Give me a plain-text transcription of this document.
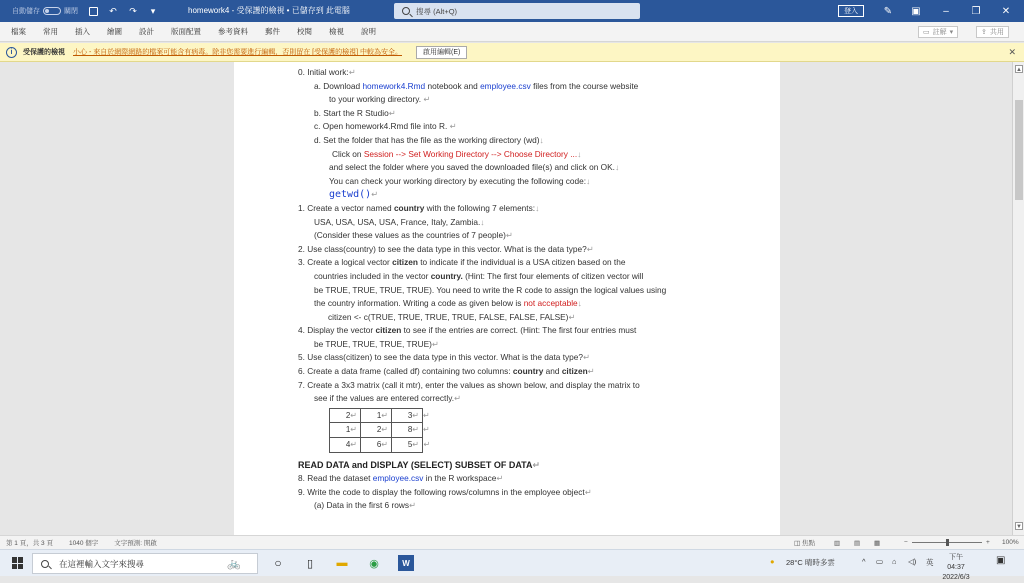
自動儲存	關閉	↶ ↷ ▾	homework4 - 受保護的檢視 • 已儲存到 此電腦	搜尋 (Alt+Q)	登入	✎ ▣ – ❐ ✕
檔案 常用 插入 繪圖 設計 版面配置 參考資料 郵件 校閱 檢視 說明	▭ 註解 ▾	⇪ 共用
i	受保護的檢視 小心 - 來自於網際網路的檔案可能含有病毒。除非您需要進行編輯，否則留在 [受保護的檢視] 中較為安全。	啟用編輯(E)	✕
0. Initial work:↵
a. Download homework4.Rmd notebook and employee.csv files from the course website
to your working directory. ↵
b. Start the R Studio↵
c. Open homework4.Rmd file into R. ↵
d. Set the folder that has the file as the working directory (wd)↓
Click on Session --> Set Working Directory --> Choose Directory ...↓
and select the folder where you saved the downloaded file(s) and click on OK.↓
You can check your working directory by executing the following code:↓
getwd()↵
1. Create a vector named country with the following 7 elements:↓
USA, USA, USA, USA, France, Italy, Zambia.↓
(Consider these values as the countries of 7 people)↵
2. Use class(country) to see the data type in this vector. What is the data type?↵
3. Create a logical vector citizen to indicate if the individual is a USA citizen based on the
countries included in the vector country. (Hint: The first four elements of citizen vector will
be TRUE, TRUE, TRUE, TRUE). You need to write the R code to assign the logical values using
the country information. Writing a code as given below is not acceptable↓
citizen <- c(TRUE, TRUE, TRUE, TRUE, FALSE, FALSE, FALSE)↵
4. Display the vector citizen to see if the entries are correct. (Hint: The first four entries must
be TRUE, TRUE, TRUE, TRUE)↵
5. Use class(citizen) to see the data type in this vector. What is the data type?↵
6. Create a data frame (called df) containing two columns: country and citizen↵
7. Create a 3x3 matrix (call it mtr), enter the values as shown below, and display the matrix to
see if the values are entered correctly.↵
2↵	1↵	3↵	↵
1↵	2↵	8↵	↵
4↵	6↵	5↵	↵
READ DATA and DISPLAY (SELECT) SUBSET OF DATA↵
8. Read the dataset employee.csv in the R workspace↵
9. Write the code to display the following rows/columns in the employee object↵
(a) Data in the first 6 rows↵
▲
▼
第 1 頁，共 3 頁 1040 個字 文字預測: 開啟	◫ 焦點	▥ ▤ ▦	−	+ 100%
在這裡輸入文字來搜尋	🚲	○	▯	▬ ◉	W	● 28°C 晴時多雲	^ ▭ ⌂ ◁) 英
下午 04:37
2022/6/3
▣
